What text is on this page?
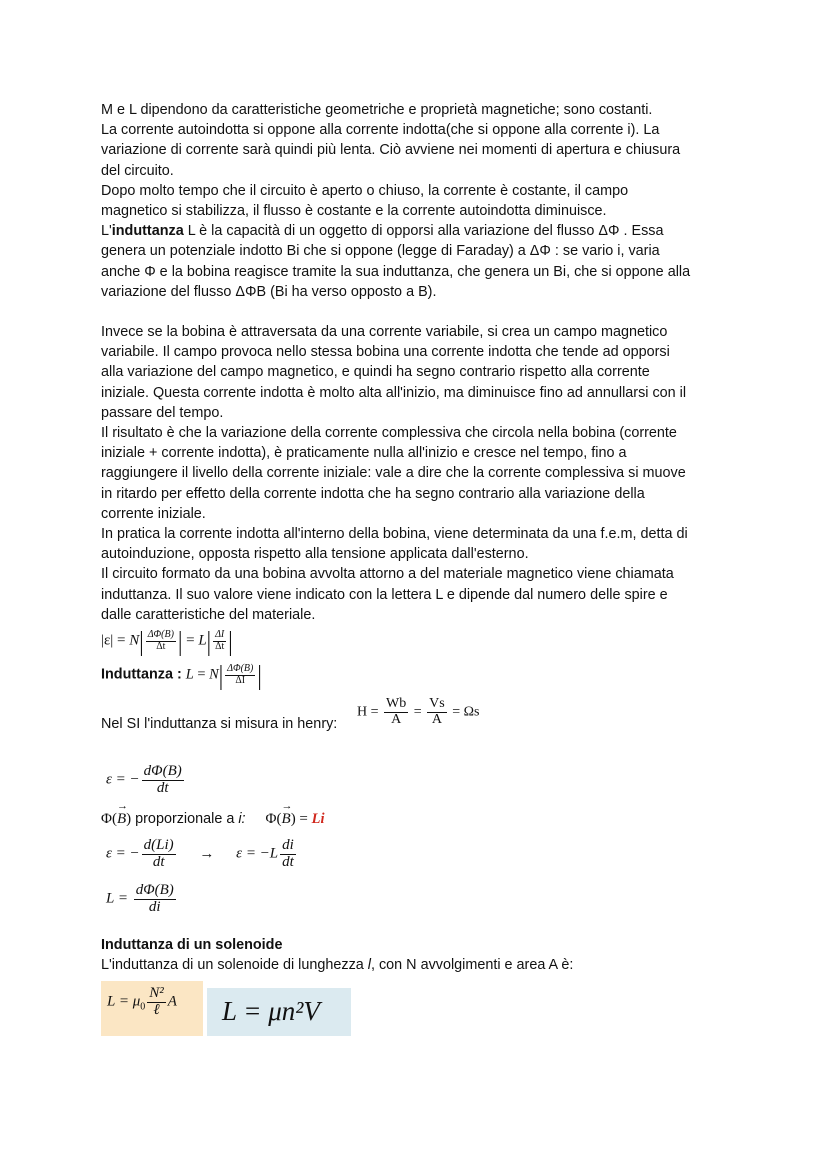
M e L dipendono da caratteristiche geometriche e proprietà magnetiche; sono costanti.

La corrente autoindotta si oppone alla corrente indotta(che si oppone alla corrente i). La

variazione di corrente sarà quindi più lenta. Ciò avviene nei momenti di apertura e chiusura

del circuito.

Dopo molto tempo che il circuito è aperto o chiuso, la corrente è costante, il campo

magnetico si stabilizza, il flusso è costante e la corrente autoindotta diminuisce.

L'induttanza L è la capacità di un oggetto di opporsi alla variazione del flusso ΔΦ . Essa

genera un potenziale indotto Bi che si oppone (legge di Faraday) a ΔΦ : se vario i, varia

anche Φ e la bobina reagisce tramite la sua induttanza, che genera un Bi, che si oppone alla

variazione del flusso ΔΦB (Bi ha verso opposto a B).

Invece se la bobina è attraversata da una corrente variabile, si crea un campo magnetico

variabile. Il campo provoca nello stessa bobina una corrente indotta che tende ad opporsi

alla variazione del campo magnetico, e quindi ha segno contrario rispetto alla corrente

iniziale. Questa corrente indotta è molto alta all'inizio, ma diminuisce fino ad annullarsi con il

passare del tempo.

Il risultato è che la variazione della corrente complessiva che circola nella bobina (corrente

iniziale + corrente indotta), è praticamente nulla all'inizio e cresce nel tempo, fino a

raggiungere il livello della corrente iniziale: vale a dire che la corrente complessiva si muove

in ritardo per effetto della corrente indotta che ha segno contrario alla variazione della

corrente iniziale.

In pratica la corrente indotta all'interno della bobina, viene determinata da una f.e.m, detta di

autoinduzione, opposta rispetto alla tensione applicata dall'esterno.

Il circuito formato da una bobina avvolta attorno a del materiale magnetico viene chiamata

induttanza. Il suo valore viene indicato con la lettera L e dipende dal numero delle spire e

dalle caratteristiche del materiale.

$|\varepsilon| = N| \frac{\Delta\Phi(B)}{\Delta t}$ | = $L| \frac{\Delta I}{\Delta t}$ |
Induttanza : $L = N| \frac{\Delta\Phi(B)}{\Delta I}$ |
Nel SI l'induttanza si misura in henry:
$H = \frac{Wb}{A} = \frac{Vs}{A} = \Omega s$
ε = − $\frac{d\Phi(B)}{dt}$
Φ(→ B) proporzionale a i: Φ(→ B) = Li
ε = − $\frac{d(Li)}{dt} \to \varepsilon = -L \frac{di}{dt}$
$L = \frac{d\Phi(B)}{di}$
Induttanza di un solenoide
L'induttanza di un solenoide di lunghezza l, con N avvolgimenti e area A è:
$L = \mu_0 \frac{\text{N²}}{\text{ℓ}}$ A L = μn²V
